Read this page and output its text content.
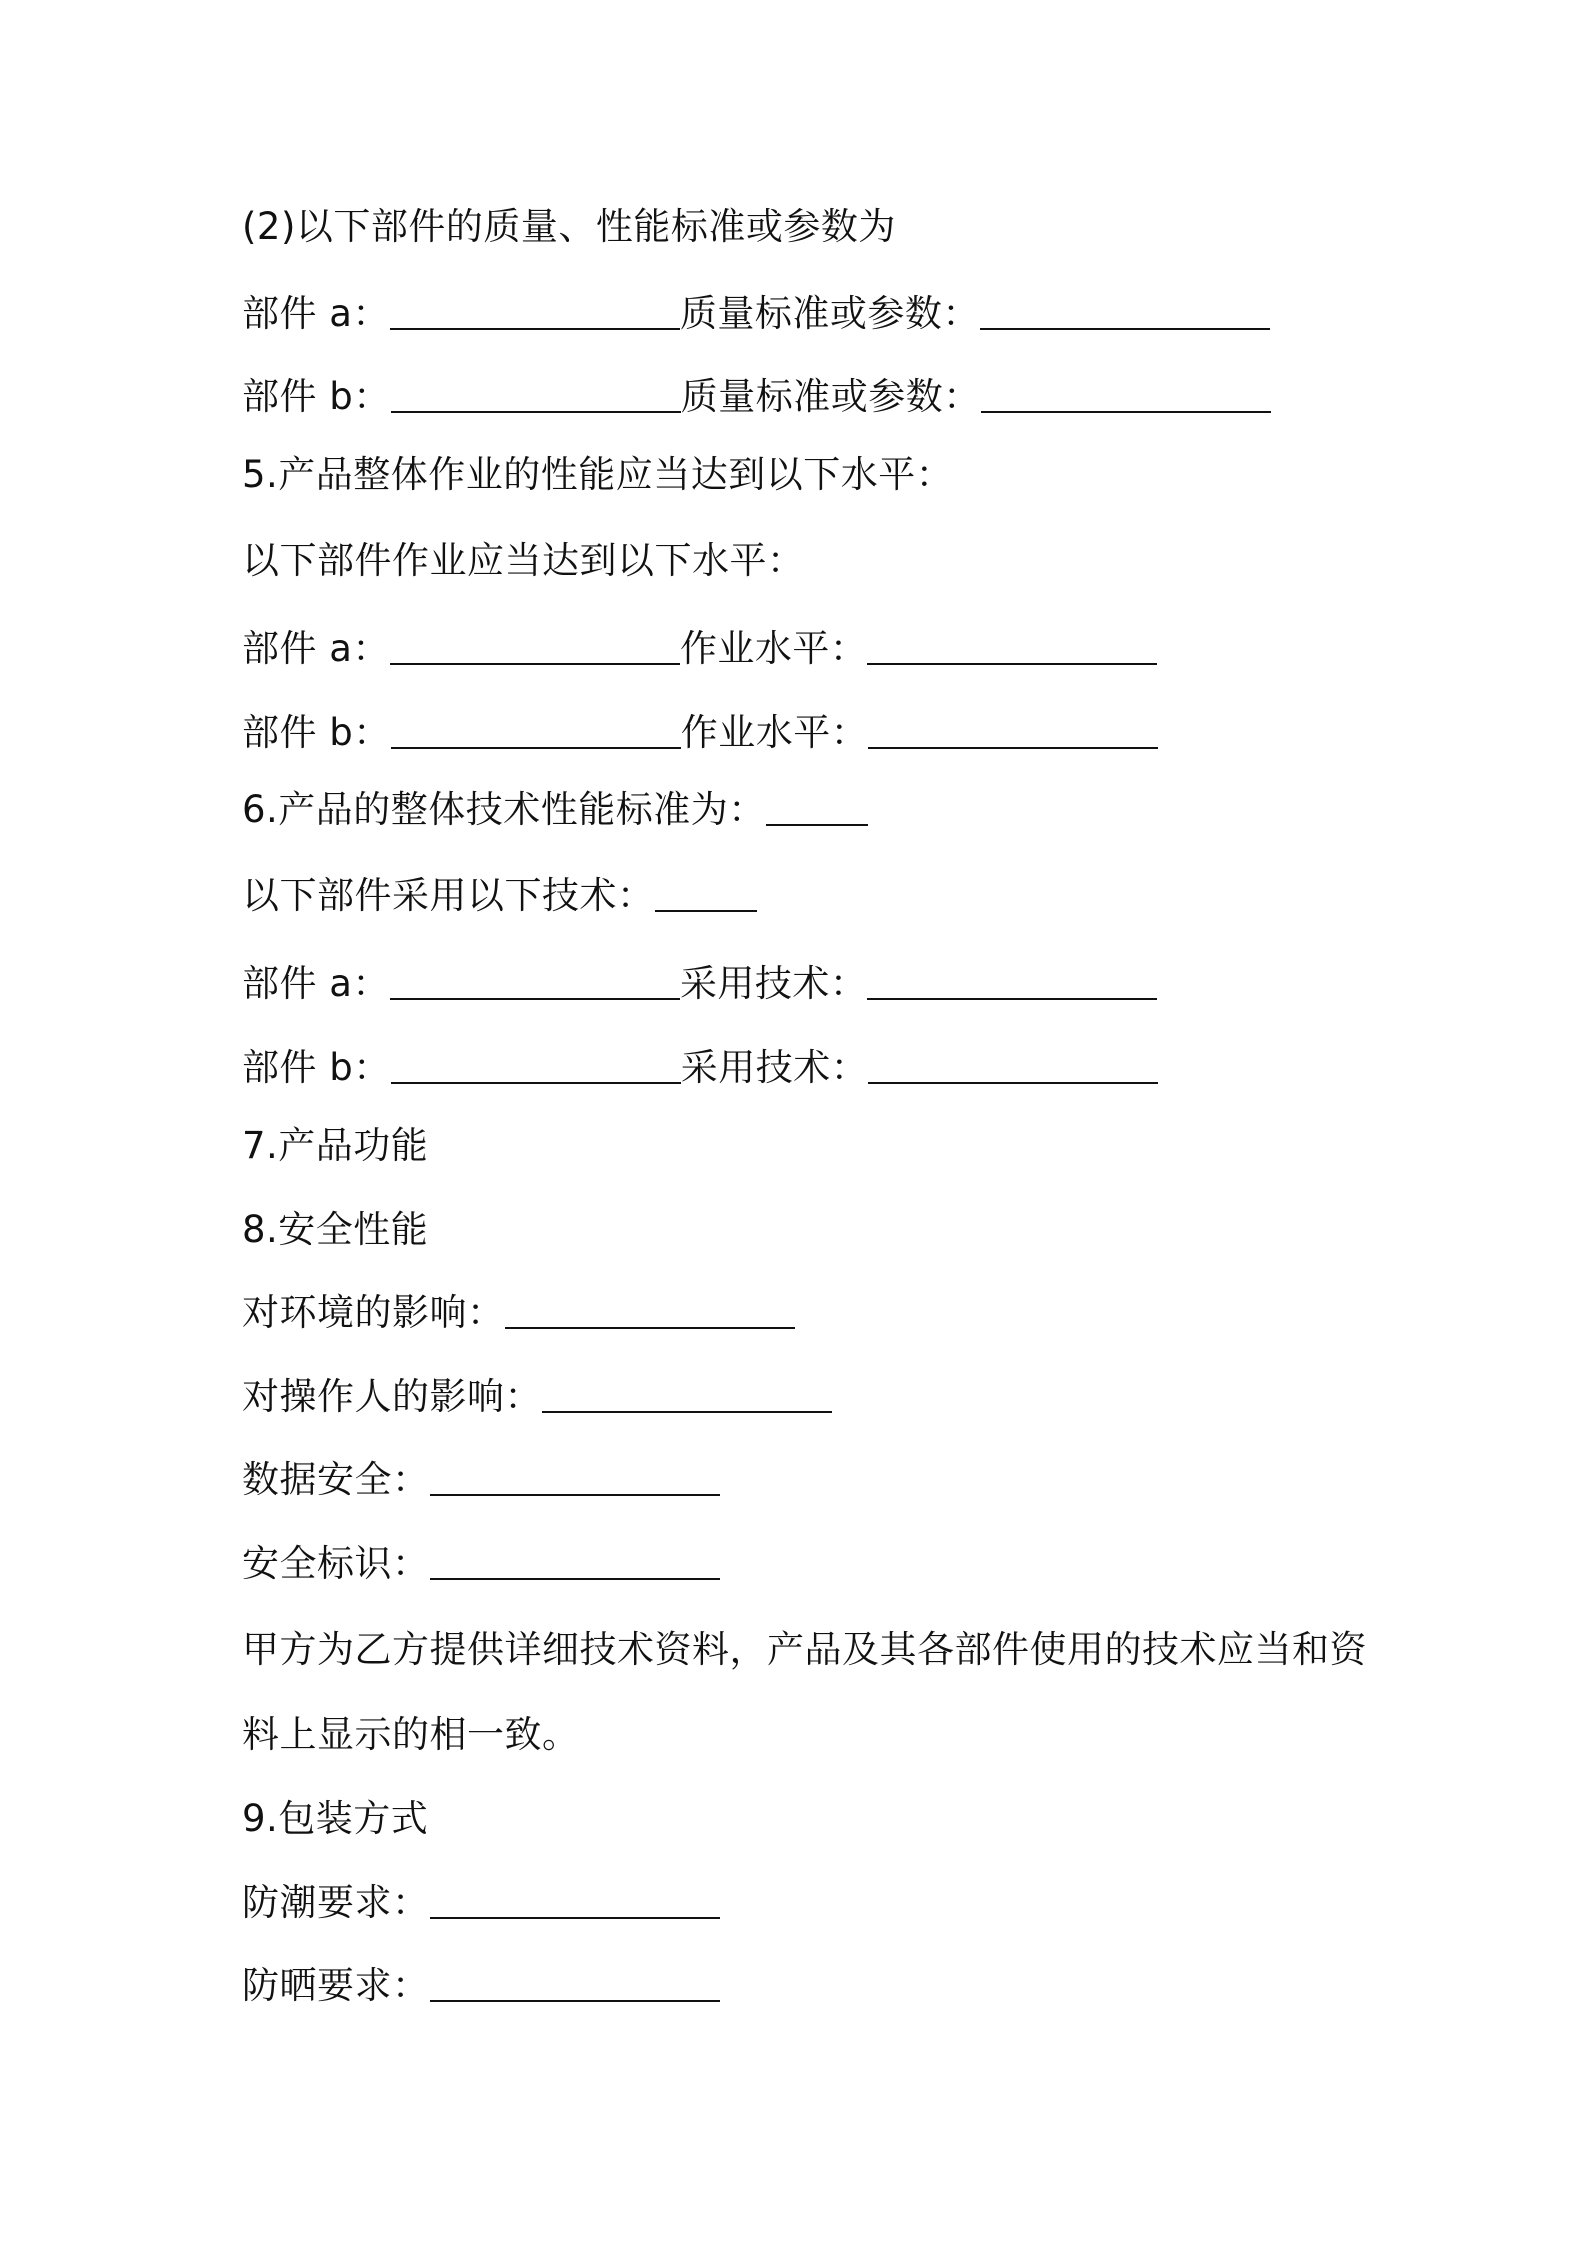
(2)以下部件的质量、性能标准或参数为
部件 a：	质量标准或参数：
部件 b：	质量标准或参数：
5.产品整体作业的性能应当达到以下水平：
以下部件作业应当达到以下水平：
部件 a：	作业水平：
部件 b：	作业水平：
6.产品的整体技术性能标准为：
以下部件采用以下技术：
部件 a：	采用技术：
部件 b：	采用技术：
7.产品功能
8.安全性能
对环境的影响：
对操作人的影响：
数据安全：
安全标识：
甲方为乙方提供详细技术资料，产品及其各部件使用的技术应当和资
料上显示的相一致。
9.包装方式
防潮要求：
防晒要求：
